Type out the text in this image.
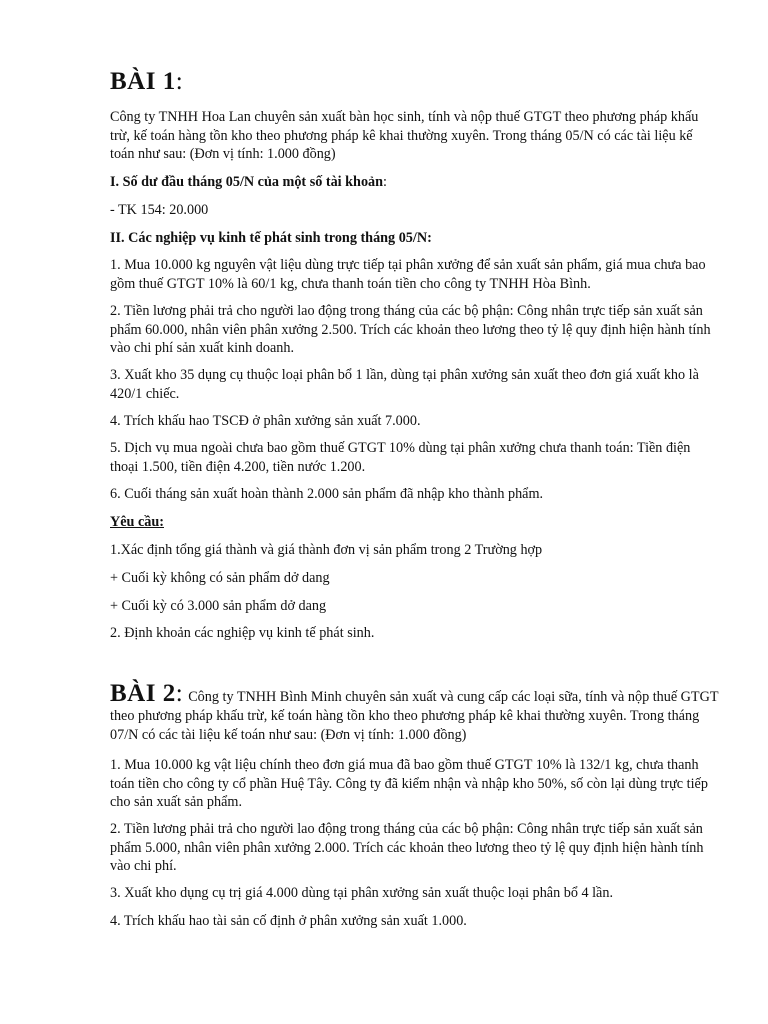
BÀI 1:

Công ty TNHH Hoa Lan chuyên sản xuất bàn học sinh, tính và nộp thuế GTGT theo phương pháp khấu trừ, kế toán hàng tồn kho theo phương pháp kê khai thường xuyên. Trong tháng 05/N có các tài liệu kế toán như sau: (Đơn vị tính: 1.000 đồng)

I. Số dư đầu tháng 05/N của một số tài khoản:

- TK 154: 20.000

II. Các nghiệp vụ kinh tế phát sinh trong tháng 05/N:

1. Mua 10.000 kg nguyên vật liệu dùng trực tiếp tại phân xưởng để sản xuất sản phẩm, giá mua chưa bao gồm thuế GTGT 10% là 60/1 kg, chưa thanh toán tiền cho công ty TNHH Hòa Bình.

2. Tiền lương phải trả cho người lao động trong tháng của các bộ phận: Công nhân trực tiếp sản xuất sản phẩm 60.000, nhân viên phân xưởng 2.500. Trích các khoản theo lương theo tỷ lệ quy định hiện hành tính vào chi phí sản xuất kinh doanh.

3. Xuất kho 35 dụng cụ thuộc loại phân bổ 1 lần, dùng tại phân xưởng sản xuất theo đơn giá xuất kho là 420/1 chiếc.

4. Trích khấu hao TSCĐ ở phân xưởng sản xuất 7.000.

5. Dịch vụ mua ngoài chưa bao gồm thuế GTGT 10% dùng tại phân xưởng chưa thanh toán: Tiền điện thoại 1.500, tiền điện 4.200, tiền nước 1.200.

6. Cuối tháng sản xuất hoàn thành 2.000 sản phẩm đã nhập kho thành phẩm.

Yêu cầu:

1.Xác định tổng giá thành và giá thành đơn vị sản phẩm trong 2 Trường hợp

+ Cuối kỳ không có sản phẩm dở dang

+ Cuối kỳ có 3.000 sản phẩm dở dang

2. Định khoản các nghiệp vụ kinh tế phát sinh.

BÀI 2: Công ty TNHH Bình Minh chuyên sản xuất và cung cấp các loại sữa, tính và nộp thuế GTGT theo phương pháp khấu trừ, kế toán hàng tồn kho theo phương pháp kê khai thường xuyên. Trong tháng 07/N có các tài liệu kế toán như sau: (Đơn vị tính: 1.000 đồng)

1. Mua 10.000 kg vật liệu chính theo đơn giá mua đã bao gồm thuế GTGT 10% là 132/1 kg, chưa thanh toán tiền cho công ty cổ phần Huệ Tây. Công ty đã kiểm nhận và nhập kho 50%, số còn lại dùng trực tiếp cho sản xuất sản phẩm.

2. Tiền lương phải trả cho người lao động trong tháng của các bộ phận: Công nhân trực tiếp sản xuất sản phẩm 5.000, nhân viên phân xưởng 2.000. Trích các khoản theo lương theo tỷ lệ quy định hiện hành tính vào chi phí.

3. Xuất kho dụng cụ trị giá 4.000 dùng tại phân xưởng sản xuất thuộc loại phân bổ 4 lần.

4. Trích khấu hao tài sản cố định ở phân xưởng sản xuất 1.000.
